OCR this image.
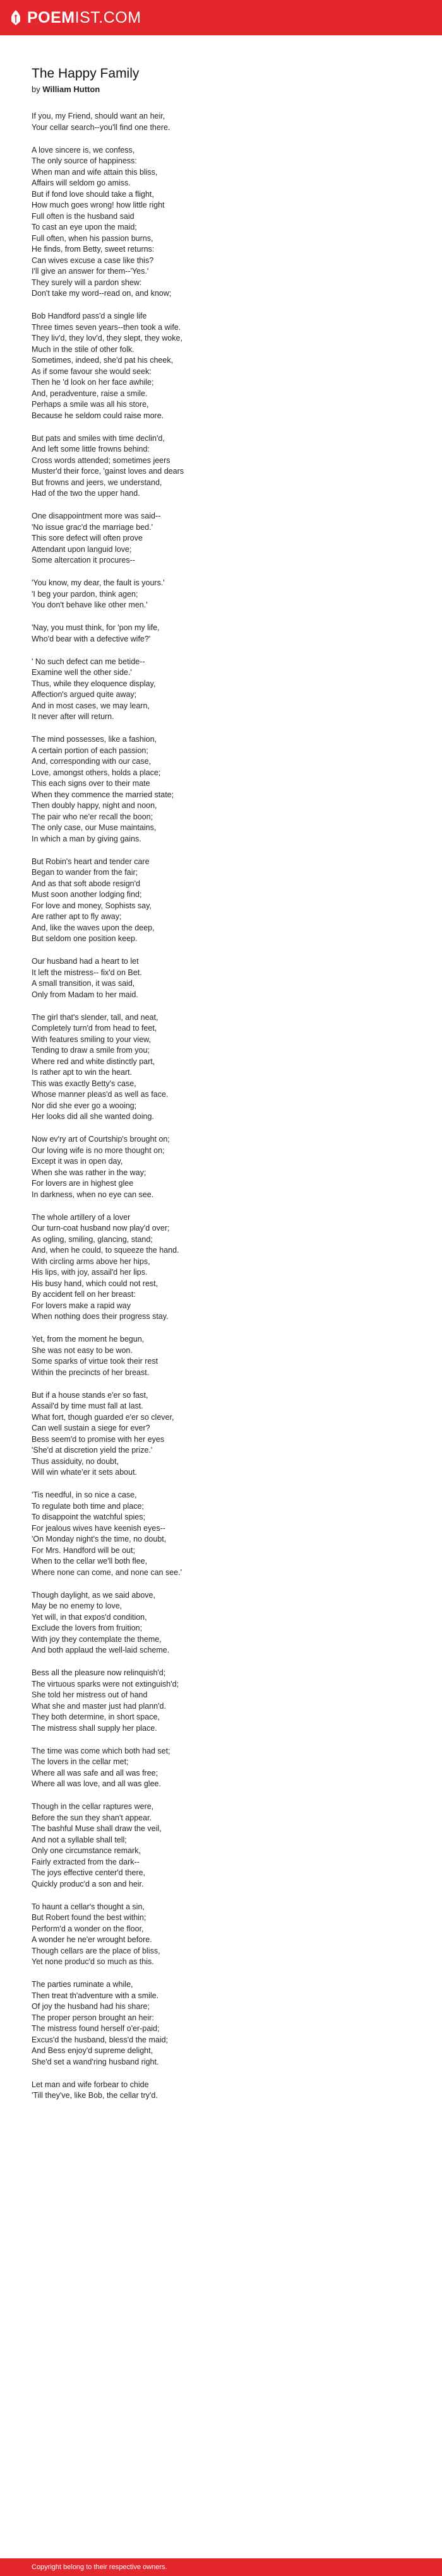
POEMIST.COM
The Happy Family

by William Hutton

If you, my Friend, should want an heir,
Your cellar search--you'll find one there.
A love sincere is, we confess,
The only source of happiness:
When man and wife attain this bliss,
Affairs will seldom go amiss.
But if fond love should take a flight,
How much goes wrong! how little right
Full often is the husband said
To cast an eye upon the maid;
Full often, when his passion burns,
He finds, from Betty, sweet returns:
Can wives excuse a case like this?
I'll give an answer for them--'Yes.'
They surely will a pardon shew:
Don't take my word--read on, and know;
Bob Handford pass'd a single life
Three times seven years--then took a wife.
They liv'd, they lov'd, they slept, they woke,
Much in the stile of other folk.
Sometimes, indeed, she'd pat his cheek,
As if some favour she would seek:
Then he 'd look on her face awhile;
And, peradventure, raise a smile.
Perhaps a smile was all his store,
Because he seldom could raise more.
But pats and smiles with time declin'd,
And left some little frowns behind:
Cross words attended; sometimes jeers
Muster'd their force, 'gainst loves and dears
But frowns and jeers, we understand,
Had of the two the upper hand.
One disappointment more was said--
'No issue grac'd the marriage bed.'
This sore defect will often prove
Attendant upon languid love;
Some altercation it procures--
'You know, my dear, the fault is yours.'
'I beg your pardon, think agen;
You don't behave like other men.'
'Nay, you must think, for 'pon my life,
Who'd bear with a defective wife?'
' No such defect can me betide--
Examine well the other side.'
Thus, while they eloquence display,
Affection's argued quite away;
And in most cases, we may learn,
It never after will return.
The mind possesses, like a fashion,
A certain portion of each passion;
And, corresponding with our case,
Love, amongst others, holds a place;
This each signs over to their mate
When they commence the married state;
Then doubly happy, night and noon,
The pair who ne'er recall the boon;
The only case, our Muse maintains,
In which a man by giving gains.
But Robin's heart and tender care
Began to wander from the fair;
And as that soft abode resign'd
Must soon another lodging find;
For love and money, Sophists say,
Are rather apt to fly away;
And, like the waves upon the deep,
But seldom one position keep.
Our husband had a heart to let
It left the mistress-- fix'd on Bet.
A small transition, it was said,
Only from Madam to her maid.
The girl that's slender, tall, and neat,
Completely turn'd from head to feet,
With features smiling to your view,
Tending to draw a smile from you;
Where red and white distinctly part,
Is rather apt to win the heart.
This was exactly Betty's case,
Whose manner pleas'd as well as face.
Nor did she ever go a wooing;
Her looks did all she wanted doing.
Now ev'ry art of Courtship's brought on;
Our loving wife is no more thought on;
Except it was in open day,
When she was rather in the way;
For lovers are in highest glee
In darkness, when no eye can see.
The whole artillery of a lover
Our turn-coat husband now play'd over;
As ogling, smiling, glancing, stand;
And, when he could, to squeeze the hand.
With circling arms above her hips,
His lips, with joy, assail'd her lips.
His busy hand, which could not rest,
By accident fell on her breast:
For lovers make a rapid way
When nothing does their progress stay.
Yet, from the moment he begun,
She was not easy to be won.
Some sparks of virtue took their rest
Within the precincts of her breast.
But if a house stands e'er so fast,
Assail'd by time must fall at last.
What fort, though guarded e'er so clever,
Can well sustain a siege for ever?
Bess seem'd to promise with her eyes
'She'd at discretion yield the prize.'
Thus assiduity, no doubt,
Will win whate'er it sets about.
'Tis needful, in so nice a case,
To regulate both time and place;
To disappoint the watchful spies;
For jealous wives have keenish eyes--
'On Monday night's the time, no doubt,
For Mrs. Handford will be out;
When to the cellar we'll both flee,
Where none can come, and none can see.'
Though daylight, as we said above,
May be no enemy to love,
Yet will, in that expos'd condition,
Exclude the lovers from fruition;
With joy they contemplate the theme,
And both applaud the well-laid scheme.
Bess all the pleasure now relinquish'd;
The virtuous sparks were not extinguish'd;
She told her mistress out of hand
What she and master just had plann'd.
They both determine, in short space,
The mistress shall supply her place.
The time was come which both had set;
The lovers in the cellar met;
Where all was safe and all was free;
Where all was love, and all was glee.
Though in the cellar raptures were,
Before the sun they shan't appear.
The bashful Muse shall draw the veil,
And not a syllable shall tell;
Only one circumstance remark,
Fairly extracted from the dark--
The joys effective center'd there,
Quickly produc'd a son and heir.
To haunt a cellar's thought a sin,
But Robert found the best within;
Perform'd a wonder on the floor,
A wonder he ne'er wrought before.
Though cellars are the place of bliss,
Yet none produc'd so much as this.
The parties ruminate a while,
Then treat th'adventure with a smile.
Of joy the husband had his share;
The proper person brought an heir:
The mistress found herself o'er-paid;
Excus'd the husband, bless'd the maid;
And Bess enjoy'd supreme delight,
She'd set a wand'ring husband right.
Let man and wife forbear to chide
'Till they've, like Bob, the cellar try'd.
Copyright belong to their respective owners.
